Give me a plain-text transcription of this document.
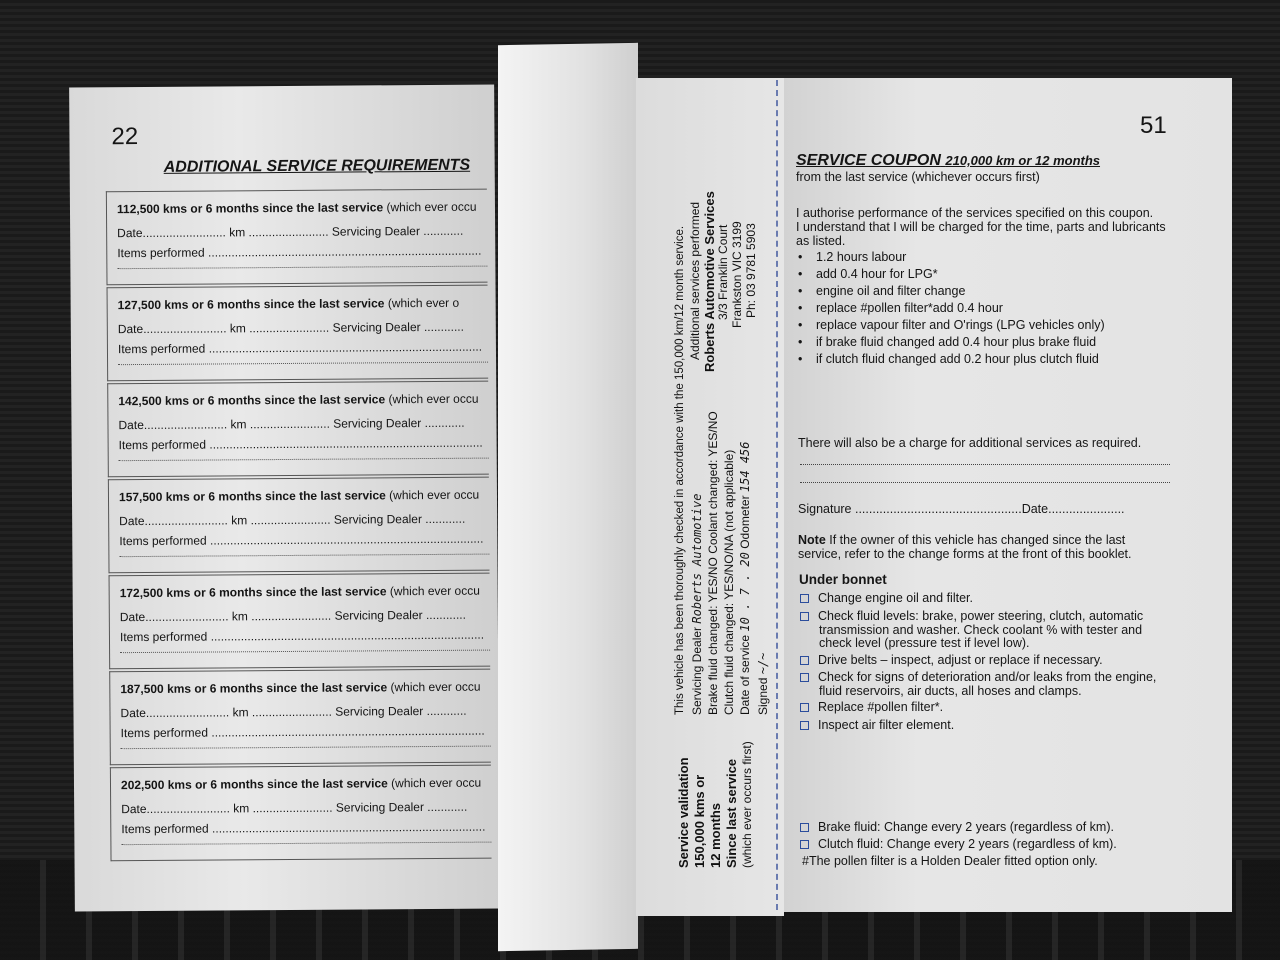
22
ADDITIONAL SERVICE REQUIREMENTS
112,500 kms or 6 months since the last service (which ever occu
Date......................... km ........................ Servicing Dealer ............
Items performed ..................................................................................
127,500 kms or 6 months since the last service (which ever o
Date......................... km ........................ Servicing Dealer ............
Items performed ..................................................................................
142,500 kms or 6 months since the last service (which ever occu
Date......................... km ........................ Servicing Dealer ............
Items performed ..................................................................................
157,500 kms or 6 months since the last service (which ever occu
Date......................... km ........................ Servicing Dealer ............
Items performed ..................................................................................
172,500 kms or 6 months since the last service (which ever occu
Date......................... km ........................ Servicing Dealer ............
Items performed ..................................................................................
187,500 kms or 6 months since the last service (which ever occu
Date......................... km ........................ Servicing Dealer ............
Items performed ..................................................................................
202,500 kms or 6 months since the last service (which ever occu
Date......................... km ........................ Servicing Dealer ............
Items performed ..................................................................................	Service validation 150,000 kms or 12 months Since last service (which ever occurs first)
This vehicle has been thoroughly checked in accordance with the 150,000 km/12 month service. Servicing Dealer Roberts Automotive Brake fluid changed: YES/NO Coolant changed: YES/NO Clutch fluid changed: YES/NO/NA (not applicable) Date of service 10 . 7 . 20 Odometer 154 456
Signed ~/~
Additional services performed Roberts Automotive Services 3/3 Franklin Court Frankston VIC 3199 Ph: 03 9781 5903
51
SERVICE COUPON 210,000 km or 12 months
from the last service (whichever occurs first)
I authorise performance of the services specified on this coupon.
I understand that I will be charged for the time, parts and lubricants
as listed.
• 1.2 hours labour
• add 0.4 hour for LPG*
• engine oil and filter change
• replace #pollen filter*add 0.4 hour
• replace vapour filter and O'rings (LPG vehicles only)
• if brake fluid changed add 0.4 hour plus brake fluid
• if clutch fluid changed add 0.2 hour plus clutch fluid
There will also be a charge for additional services as required.
Signature ................................................Date......................
Note If the owner of this vehicle has changed since the last
service, refer to the change forms at the front of this booklet.
Under bonnet
Change engine oil and filter.
Check fluid levels: brake, power steering, clutch, automatic
transmission and washer. Check coolant % with tester and
check level (pressure test if level low).
Drive belts – inspect, adjust or replace if necessary.
Check for signs of deterioration and/or leaks from the engine,
fluid reservoirs, air ducts, all hoses and clamps.
Replace #pollen filter*.
Inspect air filter element.
Brake fluid: Change every 2 years (regardless of km).
Clutch fluid: Change every 2 years (regardless of km).
#The pollen filter is a Holden Dealer fitted option only.
